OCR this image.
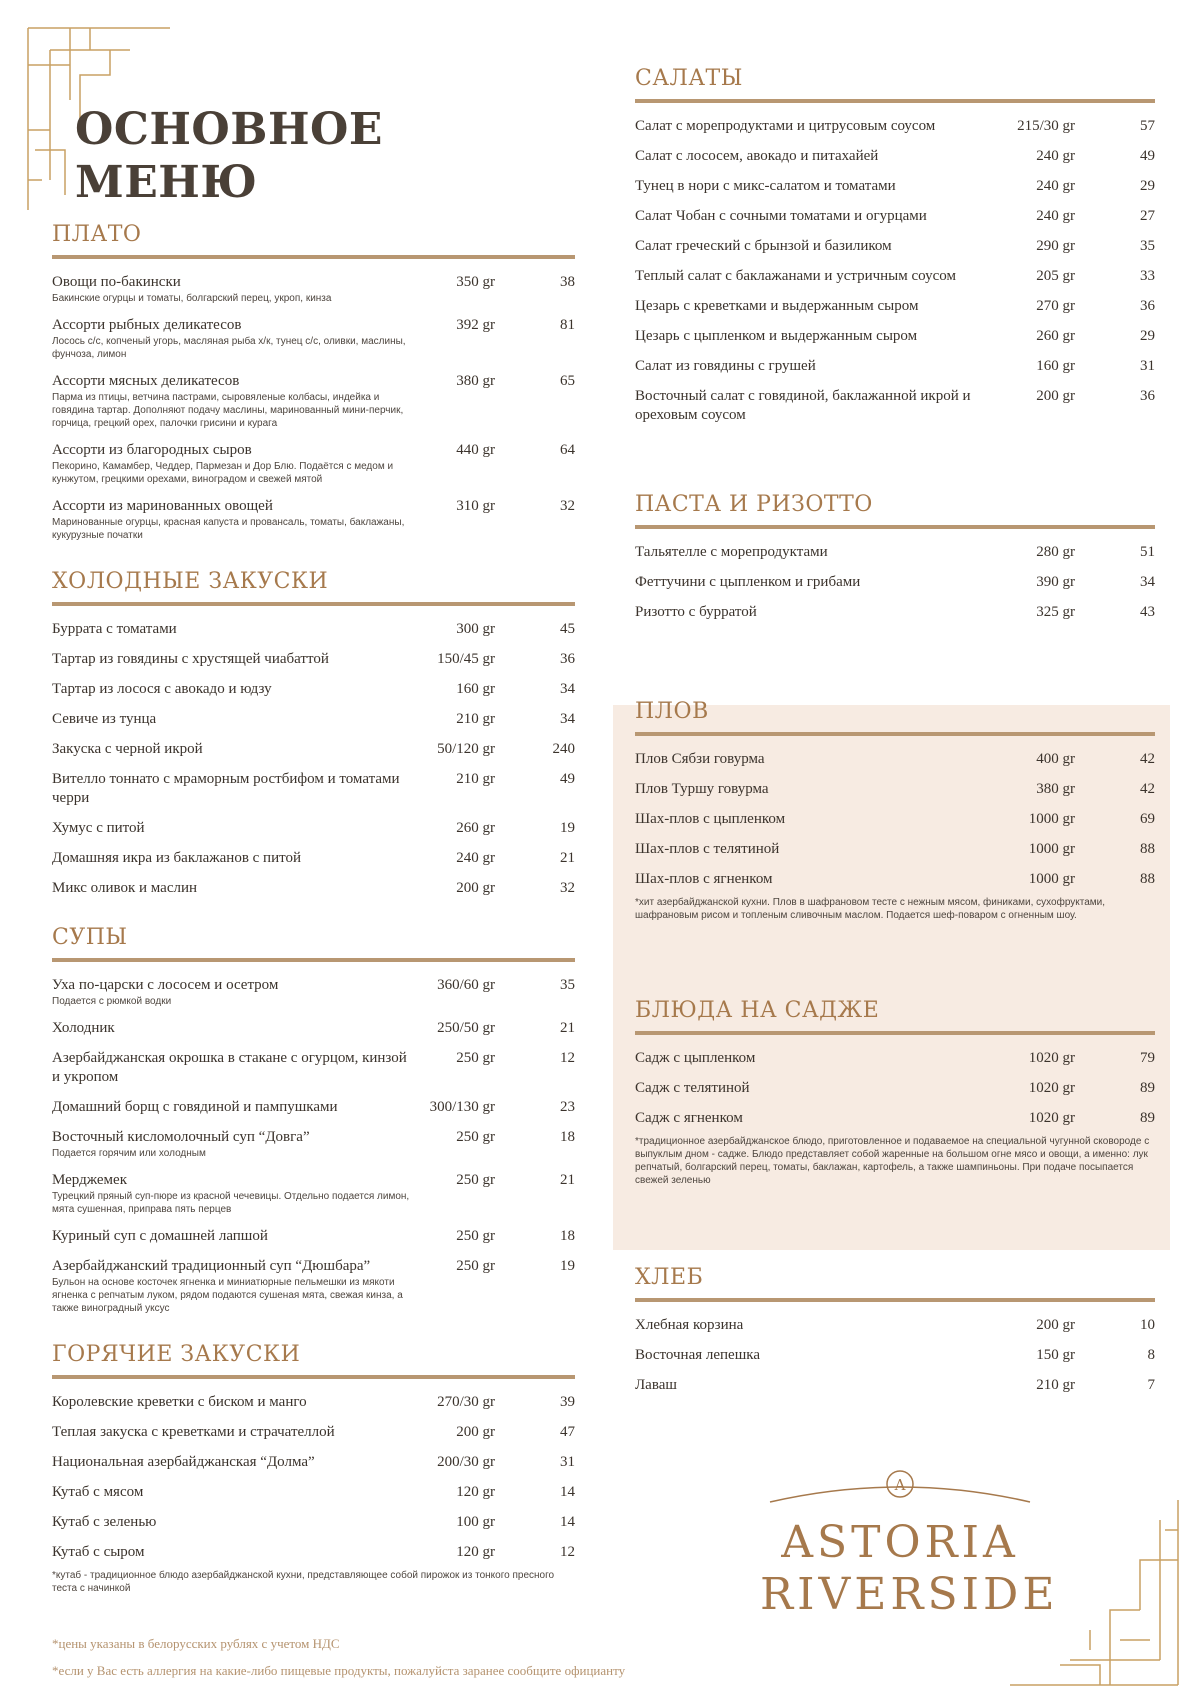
ОСНОВНОЕ
МЕНЮ
ПЛАТО
Овощи по-бакински
Бакинские огурцы и томаты, болгарский перец, укроп, кинза
350 gr	38
Ассорти рыбных деликатесов
Лосось с/с, копченый угорь, масляная рыба х/к, тунец с/с, оливки, маслины, фунчоза, лимон
392 gr	81
Ассорти мясных деликатесов
Парма из птицы, ветчина пастрами, сыровяленые колбасы, индейка и говядина тартар. Дополняют подачу маслины, маринованный мини-перчик, горчица, грецкий орех, палочки грисини и курага
380 gr	65
Ассорти из благородных сыров
Пекорино, Камамбер, Чеддер, Пармезан и Дор Блю. Подаётся с медом и кунжутом, грецкими орехами, виноградом и свежей мятой
440 gr	64
Ассорти из маринованных овощей
Маринованные огурцы, красная капуста и провансаль, томаты, баклажаны, кукурузные початки
310 gr	32
ХОЛОДНЫЕ ЗАКУСКИ
Буррата с томатами	300 gr	45
Тартар из говядины с хрустящей чиабаттой	150/45 gr	36
Тартар из лосося с авокадо и юдзу	160 gr	34
Севиче из тунца	210 gr	34
Закуска с черной икрой	50/120 gr	240
Вителло тоннато с мраморным ростбифом и томатами черри
210 gr	49
Хумус с питой	260 gr	19
Домашняя икра из баклажанов с питой	240 gr	21
Микс оливок и маслин	200 gr	32
СУПЫ
Уха по-царски с лососем и осетром
Подается с рюмкой водки
360/60 gr	35
Холодник	250/50 gr	21
Азербайджанская окрошка в стакане с огурцом, кинзой и укропом
250 gr	12
Домашний борщ с говядиной и пампушками	300/130 gr	23
Восточный кисломолочный суп “Довга”
Подается горячим или холодным
250 gr	18
Мерджемек
Турецкий пряный суп-пюре из красной чечевицы. Отдельно подается лимон, мята сушенная, приправа пять перцев
250 gr	21
Куриный суп с домашней лапшой	250 gr	18
Азербайджанский традиционный суп “Дюшбара”
Бульон на основе косточек ягненка и миниатюрные пельмешки из мякоти ягненка с репчатым луком, рядом подаются сушеная мята, свежая кинза, а также виноградный уксус
250 gr	19
ГОРЯЧИЕ ЗАКУСКИ
Королевские креветки с биском и манго	270/30 gr	39
Теплая закуска с креветками и страчателлой	200 gr	47
Национальная азербайджанская “Долма”	200/30 gr	31
Кутаб с мясом	120 gr	14
Кутаб с зеленью	100 gr	14
Кутаб с сыром	120 gr	12
*кутаб - традиционное блюдо азербайджанской кухни, представляющее собой пирожок из тонкого пресного теста с начинкой
САЛАТЫ
Салат с морепродуктами и цитрусовым соусом	215/30 gr	57
Салат с лососем, авокадо и питахайей	240 gr	49
Тунец в нори с микс-салатом и томатами	240 gr	29
Салат Чобан с сочными томатами и огурцами	240 gr	27
Салат греческий с брынзой и базиликом	290 gr	35
Теплый салат с баклажанами и устричным соусом	205 gr	33
Цезарь с креветками и выдержанным сыром	270 gr	36
Цезарь с цыпленком и выдержанным сыром	260 gr	29
Салат из говядины с грушей	160 gr	31
Восточный салат с говядиной, баклажанной икрой и ореховым соусом
200 gr	36
ПАСТА И РИЗОТТО
Тальятелле с морепродуктами	280 gr	51
Феттучини с цыпленком и грибами	390 gr	34
Ризотто с бурратой	325 gr	43
ПЛОВ
Плов Сябзи говурма	400 gr	42
Плов Туршу говурма	380 gr	42
Шах-плов с цыпленком	1000 gr	69
Шах-плов с телятиной	1000 gr	88
Шах-плов с ягненком	1000 gr	88
*хит азербайджанской кухни. Плов в шафрановом тесте с нежным мясом, финиками, сухофруктами, шафрановым рисом и топленым сливочным маслом. Подается шеф-поваром с огненным шоу.
БЛЮДА НА САДЖЕ
Садж с цыпленком	1020 gr	79
Садж с телятиной	1020 gr	89
Садж с ягненком	1020 gr	89
*традиционное азербайджанское блюдо, приготовленное и подаваемое на специальной чугунной сковороде с выпуклым дном - садже. Блюдо представляет собой жаренные на большом огне мясо и овощи, а именно: лук репчатый, болгарский перец, томаты, баклажан, картофель, а также шампиньоны. При подаче посыпается свежей зеленью
ХЛЕБ
Хлебная корзина	200 gr	10
Восточная лепешка	150 gr	8
Лаваш	210 gr	7
A
ASTORIA
RIVERSIDE
*цены указаны в белорусских рублях с учетом НДС
*если у Вас есть аллергия на какие-либо пищевые продукты, пожалуйста заранее сообщите официанту
